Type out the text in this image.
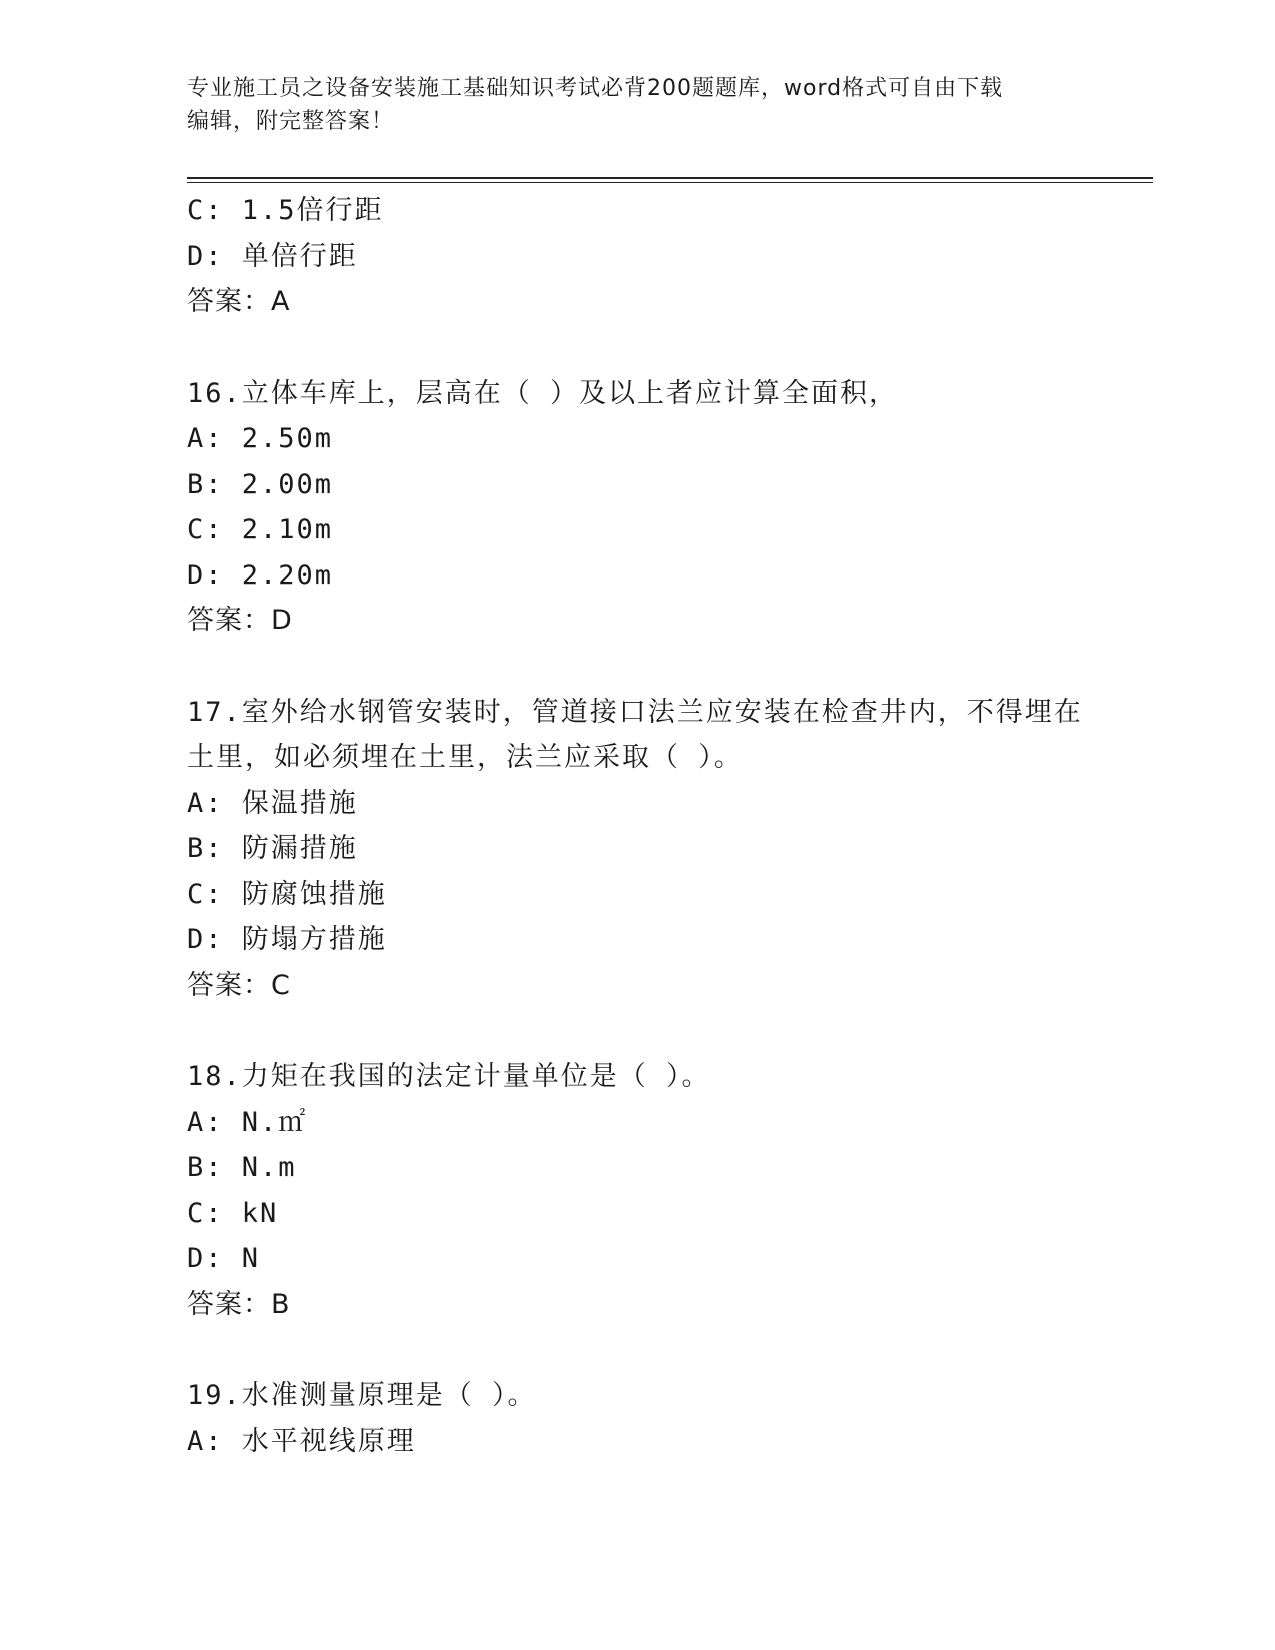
专业施工员之设备安装施工基础知识考试必背200题题库，word格式可自由下载
编辑，附完整答案！
C: 1.5倍行距
D: 单倍行距
答案：A
16.立体车库上，层高在（ ）及以上者应计算全面积，
A: 2.50m
B: 2.00m
C: 2.10m
D: 2.20m
答案：D
17.室外给水钢管安装时，管道接口法兰应安装在检查井内，不得埋在
土里，如必须埋在土里，法兰应采取（ ）。
A: 保温措施
B: 防漏措施
C: 防腐蚀措施
D: 防塌方措施
答案：C
18.力矩在我国的法定计量单位是（ ）。
A: N.㎡
B: N.m
C: kN
D: N
答案：B
19.水准测量原理是（ ）。
A: 水平视线原理
